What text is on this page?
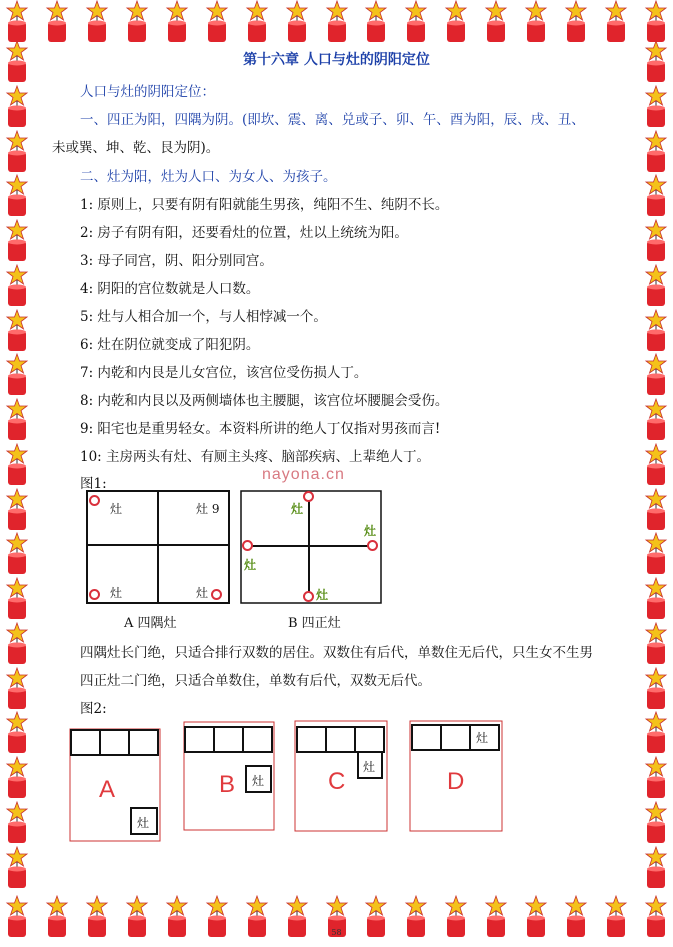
第十六章 人口与灶的阴阳定位
人口与灶的阴阳定位：
一、四正为阳，四隅为阴。(即坎、震、离、兑或子、卯、午、酉为阳，辰、戌、丑、
未或巽、坤、乾、艮为阴)。
二、灶为阳，灶为人口、为女人、为孩子。
1: 原则上，只要有阴有阳就能生男孩，纯阳不生、纯阴不长。
2: 房子有阴有阳，还要看灶的位置，灶以上统统为阳。
3: 母子同宫，阴、阳分别同宫。
4: 阴阳的宫位数就是人口数。
5: 灶与人相合加一个，与人相悖减一个。
6: 灶在阴位就变成了阳犯阴。
7: 内乾和内艮是儿女宫位，该宫位受伤损人丁。
8: 内乾和内艮以及两侧墙体也主腰腿，该宫位坏腰腿会受伤。
9: 阳宅也是重男轻女。本资料所讲的绝人丁仅指对男孩而言!
10: 主房两头有灶、有厕主头疼、脑部疾病、上辈绝人丁。
nayona.cn
图1:
灶	灶 9
灶	灶
A 四隅灶
灶
灶
灶
灶
B 四正灶
四隅灶长门绝，只适合排行双数的居住。双数住有后代，单数住无后代，只生女不生男
四正灶二门绝，只适合单数住，单数有后代，双数无后代。
图2:
A
灶
B 灶	C
灶
D
灶
58
